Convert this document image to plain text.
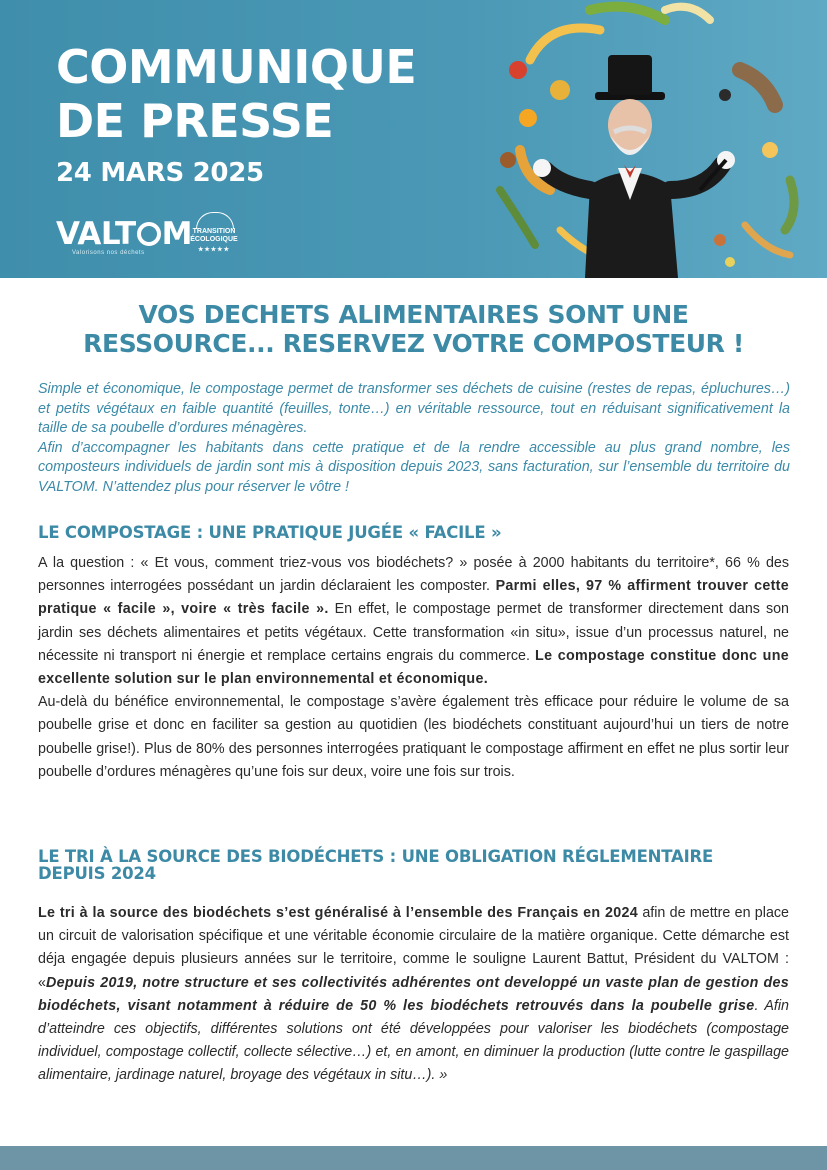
COMMUNIQUE
DE PRESSE
24 MARS 2025
VALT M
Valorisons nos déchets
TRANSITION
ÉCOLOGIQUE
★★★★★
VOS DECHETS ALIMENTAIRES SONT UNE
RESSOURCE... RESERVEZ VOTRE COMPOSTEUR !

Simple et économique, le compostage permet de transformer ses déchets de cuisine (restes de repas, épluchures…) et petits végétaux en faible quantité (feuilles, tonte…) en véritable ressource, tout en réduisant significativement la taille de sa poubelle d’ordures ménagères.

Afin d’accompagner les habitants dans cette pratique et de la rendre accessible au plus grand nombre, les composteurs individuels de jardin sont mis à disposition depuis 2023, sans facturation, sur l’ensemble du territoire du VALTOM. N’attendez plus pour réserver le vôtre !

LE COMPOSTAGE : UNE PRATIQUE JUGÉE « FACILE »

A la question : « Et vous, comment triez-vous vos biodéchets? » posée à 2000 habitants du territoire*, 66 % des personnes interrogées possédant un jardin déclaraient les composter. Parmi elles, 97 % affirment trouver cette pratique « facile », voire « très facile ». En effet, le compostage permet de transformer directement dans son jardin ses déchets alimentaires et petits végétaux. Cette transformation «in situ», issue d’un processus naturel, ne nécessite ni transport ni énergie et remplace certains engrais du commerce. Le compostage constitue donc une excellente solution sur le plan environnemental et économique.

Au-delà du bénéfice environnemental, le compostage s’avère également très efficace pour réduire le volume de sa poubelle grise et donc en faciliter sa gestion au quotidien (les biodéchets constituant aujourd’hui un tiers de notre poubelle grise!). Plus de 80% des personnes interrogées pratiquant le compostage affirment en effet ne plus sortir leur poubelle d’ordures ménagères qu’une fois sur deux, voire une fois sur trois.

LE TRI À LA SOURCE DES BIODÉCHETS : UNE OBLIGATION RÉGLEMENTAIRE
DEPUIS 2024

Le tri à la source des biodéchets s’est généralisé à l’ensemble des Français en 2024 afin de mettre en place un circuit de valorisation spécifique et une véritable économie circulaire de la matière organique. Cette démarche est déja engagée depuis plusieurs années sur le territoire, comme le souligne Laurent Battut, Président du VALTOM : «Depuis 2019, notre structure et ses collectivités adhérentes ont developpé un vaste plan de gestion des biodéchets, visant notamment à réduire de 50 % les biodéchets retrouvés dans la poubelle grise. Afin d’atteindre ces objectifs, différentes solutions ont été développées pour valoriser les biodéchets (compostage individuel, compostage collectif, collecte sélective…) et, en amont, en diminuer la production (lutte contre le gaspillage alimentaire, jardinage naturel, broyage des végétaux in situ…). »
